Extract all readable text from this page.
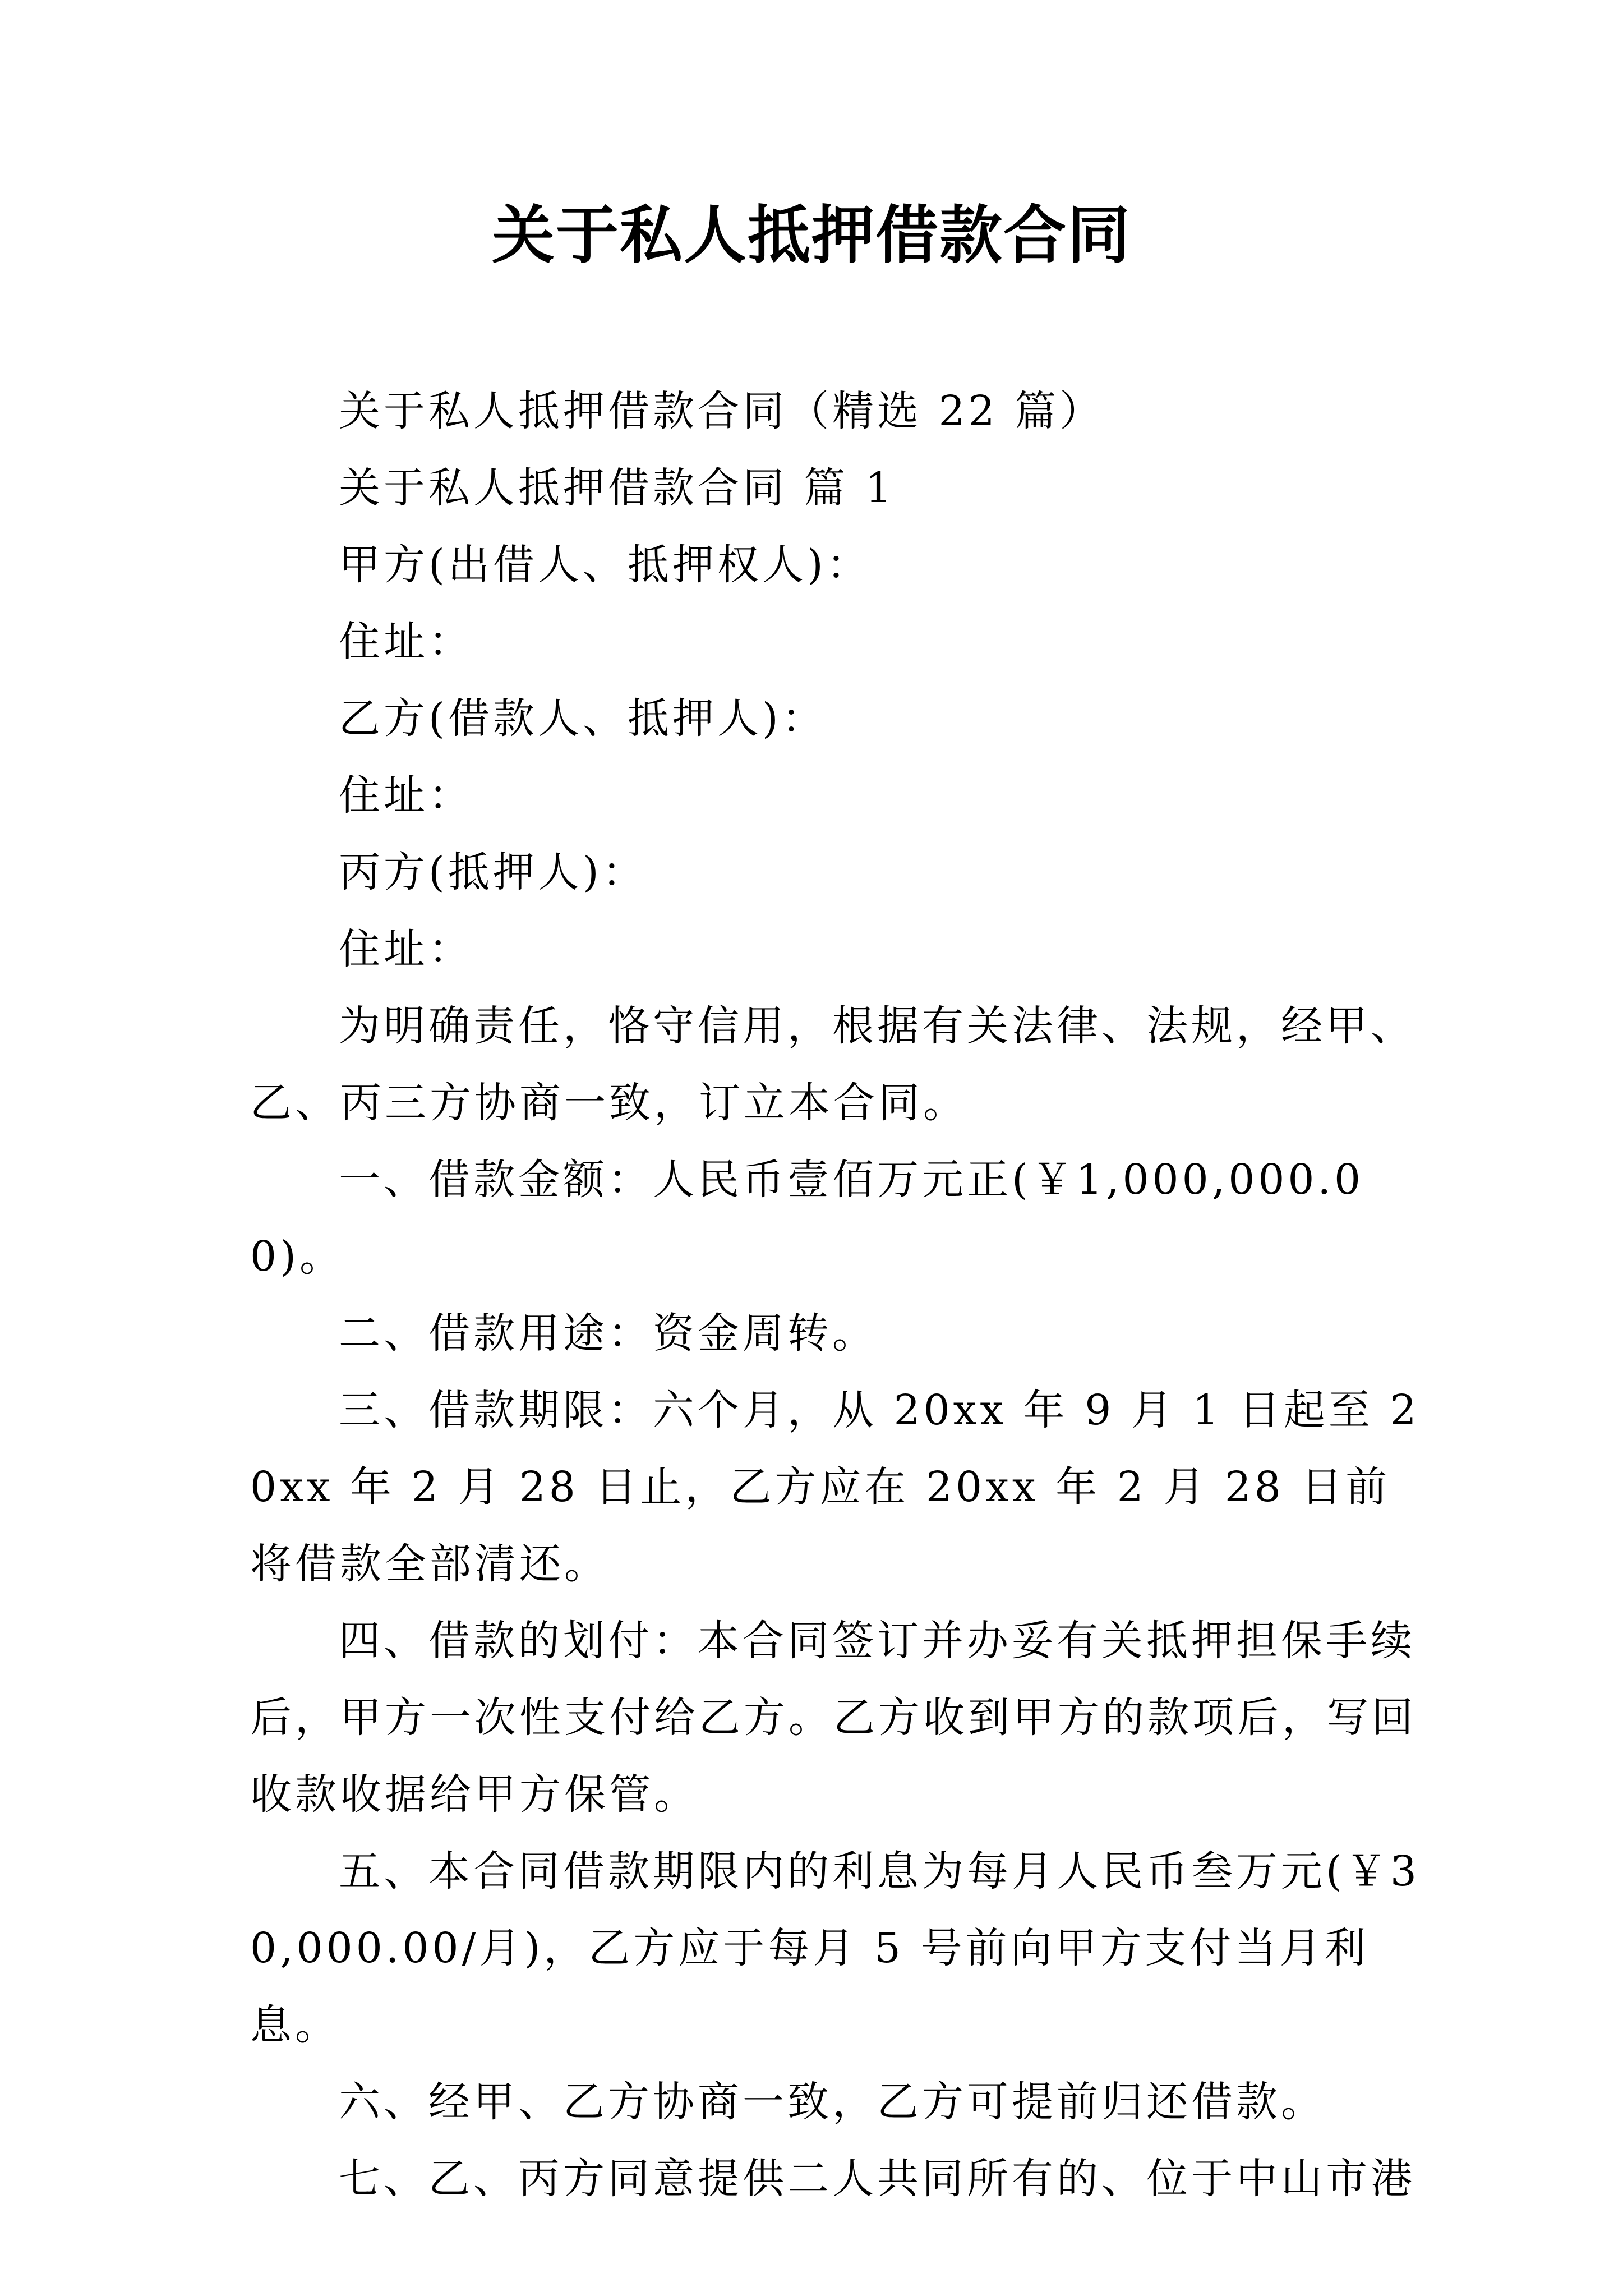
关于私人抵押借款合同

关于私人抵押借款合同（精选 22 篇）

关于私人抵押借款合同 篇 1

甲方(出借人、抵押权人)：

住址：

乙方(借款人、抵押人)：

住址：

丙方(抵押人)：

住址：

为明确责任，恪守信用，根据有关法律、法规，经甲、乙、丙三方协商一致，订立本合同。

一、借款金额：人民币壹佰万元正(￥1,000,000.00)。

二、借款用途：资金周转。

三、借款期限：六个月，从 20xx 年 9 月 1 日起至 20xx 年 2 月 28 日止，乙方应在 20xx 年 2 月 28 日前将借款全部清还。

四、借款的划付：本合同签订并办妥有关抵押担保手续后，甲方一次性支付给乙方。乙方收到甲方的款项后，写回收款收据给甲方保管。

五、本合同借款期限内的利息为每月人民币叁万元(￥30,000.00/月)，乙方应于每月 5 号前向甲方支付当月利息。

六、经甲、乙方协商一致，乙方可提前归还借款。

七、乙、丙方同意提供二人共同所有的、位于中山市港
